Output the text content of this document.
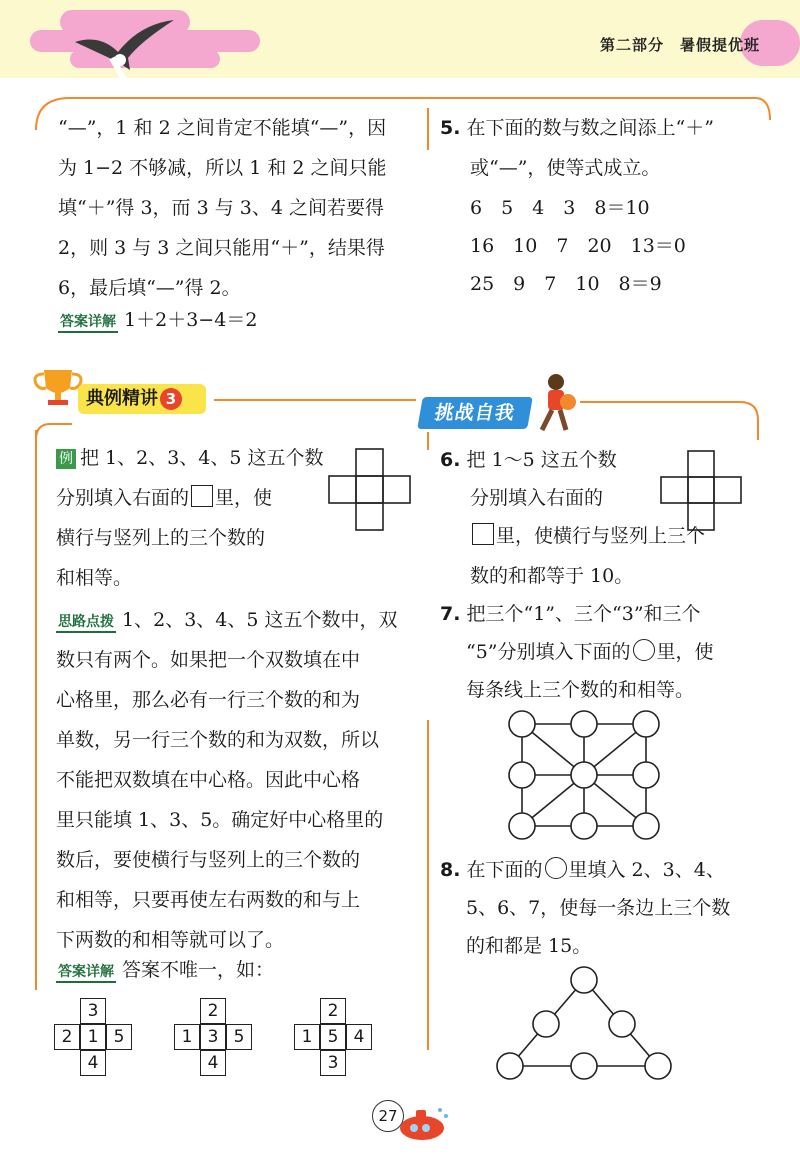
第二部分　暑假提优班
“—”，1 和 2 之间肯定不能填“—”，因
为 1−2 不够减，所以 1 和 2 之间只能
填“＋”得 3，而 3 与 3、4 之间若要得
2，则 3 与 3 之间只能用“＋”，结果得
6，最后填“—”得 2。
答案详解 1＋2＋3−4＝2
5. 在下面的数与数之间添上“＋”
或“—”，使等式成立。
6　5　4　3　8＝10
16　10　7　20　13＝0
25　9　7　10　8＝9
典例精讲 3
挑战自我
例 把 1、2、3、4、5 这五个数
分别填入右面的 里，使
横行与竖列上的三个数的
和相等。
思路点拨 1、2、3、4、5 这五个数中，双
数只有两个。如果把一个双数填在中
心格里，那么必有一行三个数的和为
单数，另一行三个数的和为双数，所以
不能把双数填在中心格。因此中心格
里只能填 1、3、5。确定好中心格里的
数后，要使横行与竖列上的三个数的
和相等，只要再使左右两数的和与上
下两数的和相等就可以了。
答案详解 答案不唯一，如：
3
2 1 5
4
2
1 3 5
4
2
1 5 4
3
6. 把 1～5 这五个数
分别填入右面的
里，使横行与竖列上三个
数的和都等于 10。
7. 把三个“1”、三个“3”和三个
“5”分别填入下面的 里，使
每条线上三个数的和相等。
8. 在下面的 里填入 2、3、4、
5、6、7，使每一条边上三个数
的和都是 15。
27
